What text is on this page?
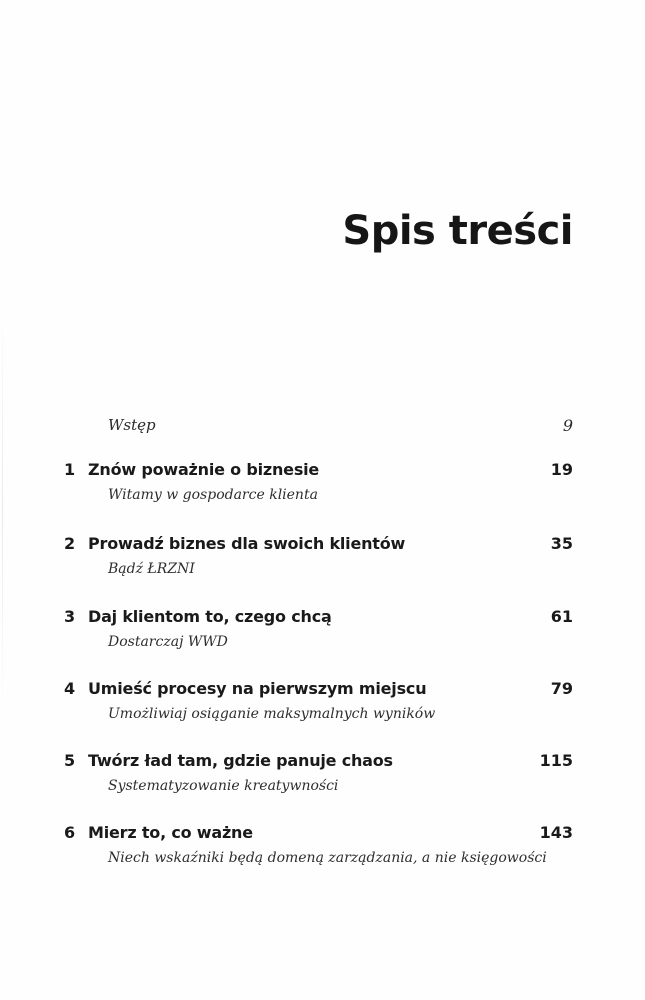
Spis treści
Wstęp	9
1 Znów poważnie o biznesie	19
Witamy w gospodarce klienta
2 Prowadź biznes dla swoich klientów	35
Bądź ŁRZNI
3 Daj klientom to, czego chcą	61
Dostarczaj WWD
4 Umieść procesy na pierwszym miejscu	79
Umożliwiaj osiąganie maksymalnych wyników
5 Twórz ład tam, gdzie panuje chaos	115
Systematyzowanie kreatywności
6 Mierz to, co ważne	143
Niech wskaźniki będą domeną zarządzania, a nie księgowości
